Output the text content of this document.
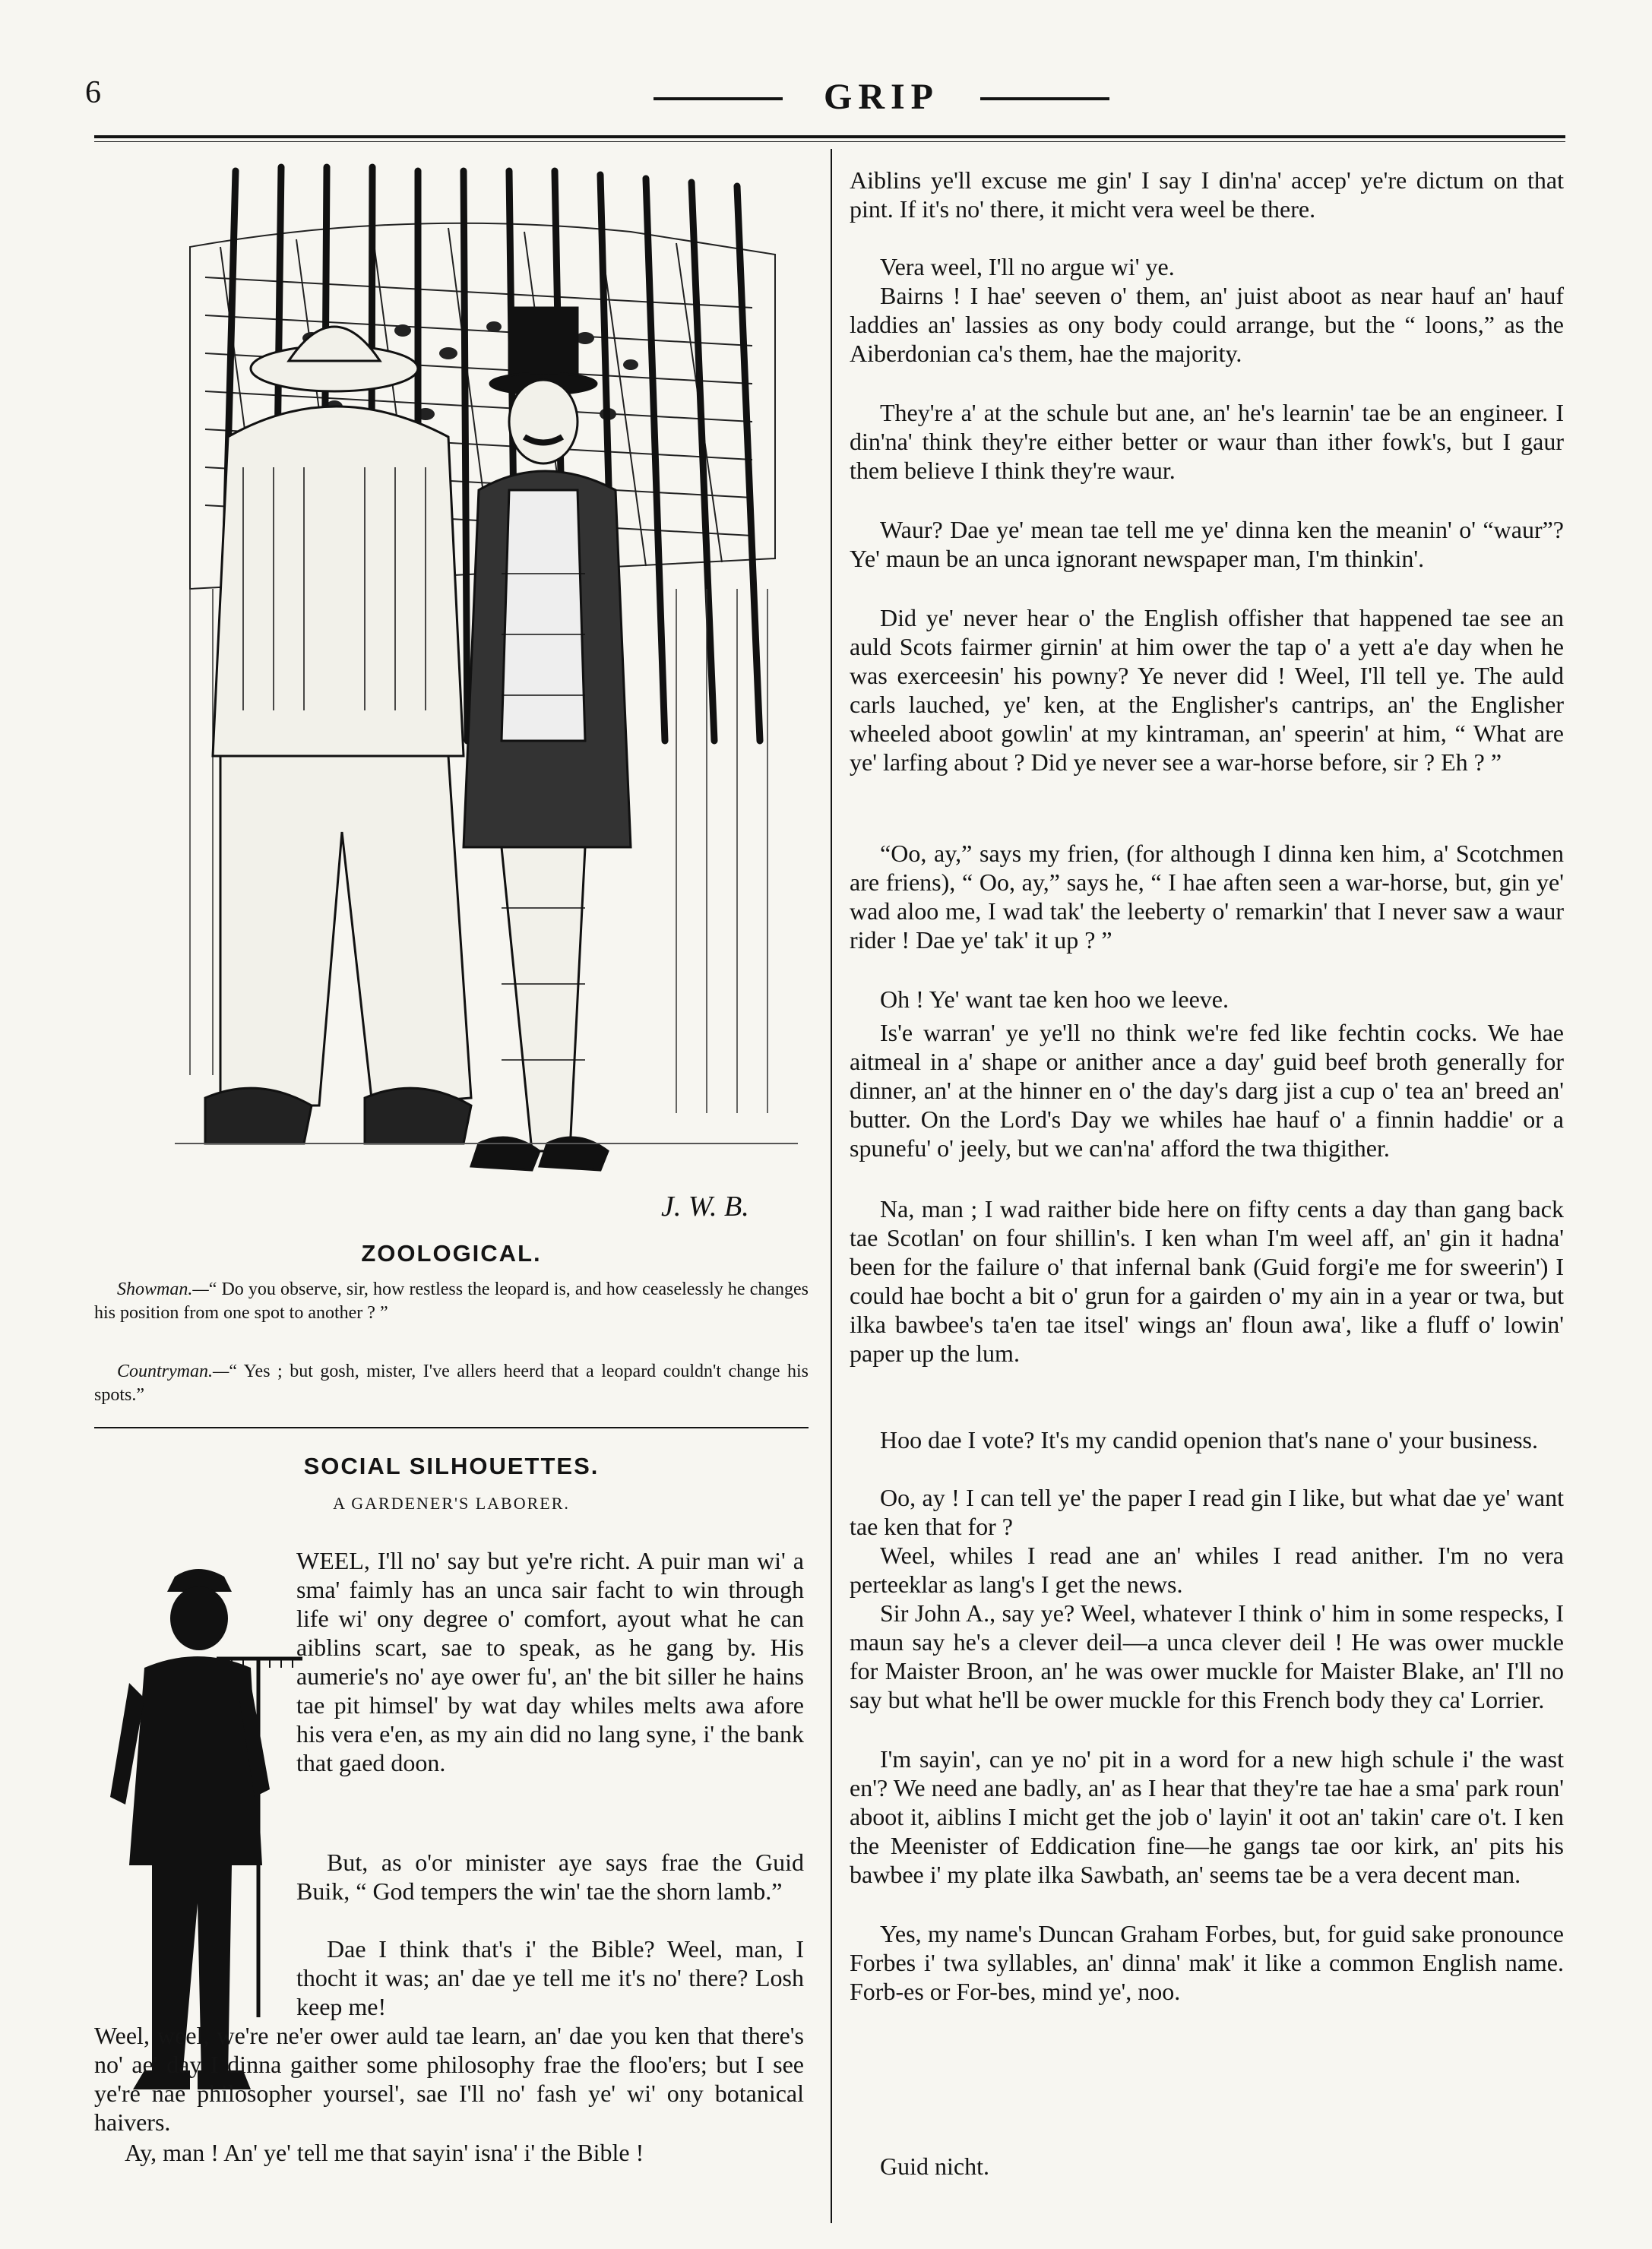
6	GRIP
J. W. B.
ZOOLOGICAL.
Showman.—“ Do you observe, sir, how restless the leopard is, and how ceaselessly he changes his position from one spot to another ? ”
Countryman.—“ Yes ; but gosh, mister, I've allers heerd that a leopard couldn't change his spots.”
SOCIAL SILHOUETTES.
A GARDENER'S LABORER.

WEEL, I'll no' say but ye're richt. A puir man wi' a sma' faimly has an unca sair facht to win through life wi' ony degree o' comfort, ayout what he can aiblins scart, sae to speak, as he gang by. His aumerie's no' aye ower fu', an' the bit siller he hains tae pit himsel' by wat day whiles melts awa afore his vera e'en, as my ain did no lang syne, i' the bank that gaed doon.

But, as o'or minister aye says frae the Guid Buik, “ God tempers the win' tae the shorn lamb.”

Dae I think that's i' the Bible? Weel, man, I thocht it was; an' dae ye tell me it's no' there? Losh keep me!

Weel, weel, we're ne'er ower auld tae learn, an' dae you ken that there's no' ae' day I dinna gaither some philosophy frae the floo'ers; but I see ye're nae philosopher yoursel', sae I'll no' fash ye' wi' ony botanical haivers.

Ay, man ! An' ye' tell me that sayin' isna' i' the Bible !

Aiblins ye'll excuse me gin' I say I din'na' accep' ye're dictum on that pint. If it's no' there, it micht vera weel be there.

Vera weel, I'll no argue wi' ye.

Bairns ! I hae' seeven o' them, an' juist aboot as near hauf an' hauf laddies an' lassies as ony body could arrange, but the “ loons,” as the Aiberdonian ca's them, hae the majority.

They're a' at the schule but ane, an' he's learnin' tae be an engineer. I din'na' think they're either better or waur than ither fowk's, but I gaur them believe I think they're waur.

Waur? Dae ye' mean tae tell me ye' dinna ken the meanin' o' “waur”? Ye' maun be an unca ignorant newspaper man, I'm thinkin'.

Did ye' never hear o' the English offisher that happened tae see an auld Scots fairmer girnin' at him ower the tap o' a yett a'e day when he was exerceesin' his powny? Ye never did ! Weel, I'll tell ye. The auld carls lauched, ye' ken, at the Englisher's cantrips, an' the Englisher wheeled aboot gowlin' at my kintraman, an' speerin' at him, “ What are ye' larfing about ? Did ye never see a war-horse before, sir ? Eh ? ”

“Oo, ay,” says my frien, (for although I dinna ken him, a' Scotchmen are friens), “ Oo, ay,” says he, “ I hae aften seen a war-horse, but, gin ye' wad aloo me, I wad tak' the leeberty o' remarkin' that I never saw a waur rider ! Dae ye' tak' it up ? ”

Oh ! Ye' want tae ken hoo we leeve.

Is'e warran' ye ye'll no think we're fed like fechtin cocks. We hae aitmeal in a' shape or anither ance a day' guid beef broth generally for dinner, an' at the hinner en o' the day's darg jist a cup o' tea an' breed an' butter. On the Lord's Day we whiles hae hauf o' a finnin haddie' or a spunefu' o' jeely, but we can'na' afford the twa thigither.

Na, man ; I wad raither bide here on fifty cents a day than gang back tae Scotlan' on four shillin's. I ken whan I'm weel aff, an' gin it hadna' been for the failure o' that infernal bank (Guid forgi'e me for sweerin') I could hae bocht a bit o' grun for a gairden o' my ain in a year or twa, but ilka bawbee's ta'en tae itsel' wings an' floun awa', like a fluff o' lowin' paper up the lum.

Hoo dae I vote? It's my candid openion that's nane o' your business.

Oo, ay ! I can tell ye' the paper I read gin I like, but what dae ye' want tae ken that for ?

Weel, whiles I read ane an' whiles I read anither. I'm no vera perteeklar as lang's I get the news.

Sir John A., say ye? Weel, whatever I think o' him in some respecks, I maun say he's a clever deil—a unca clever deil ! He was ower muckle for Maister Broon, an' he was ower muckle for Maister Blake, an' I'll no say but what he'll be ower muckle for this French body they ca' Lorrier.

I'm sayin', can ye no' pit in a word for a new high schule i' the wast en'? We need ane badly, an' as I hear that they're tae hae a sma' park roun' aboot it, aiblins I micht get the job o' layin' it oot an' takin' care o't. I ken the Meenister of Eddication fine—he gangs tae oor kirk, an' pits his bawbee i' my plate ilka Sawbath, an' seems tae be a vera decent man.

Yes, my name's Duncan Graham Forbes, but, for guid sake pronounce Forbes i' twa syllables, an' dinna' mak' it like a common English name. Forb-es or For-bes, mind ye', noo.

Guid nicht.
